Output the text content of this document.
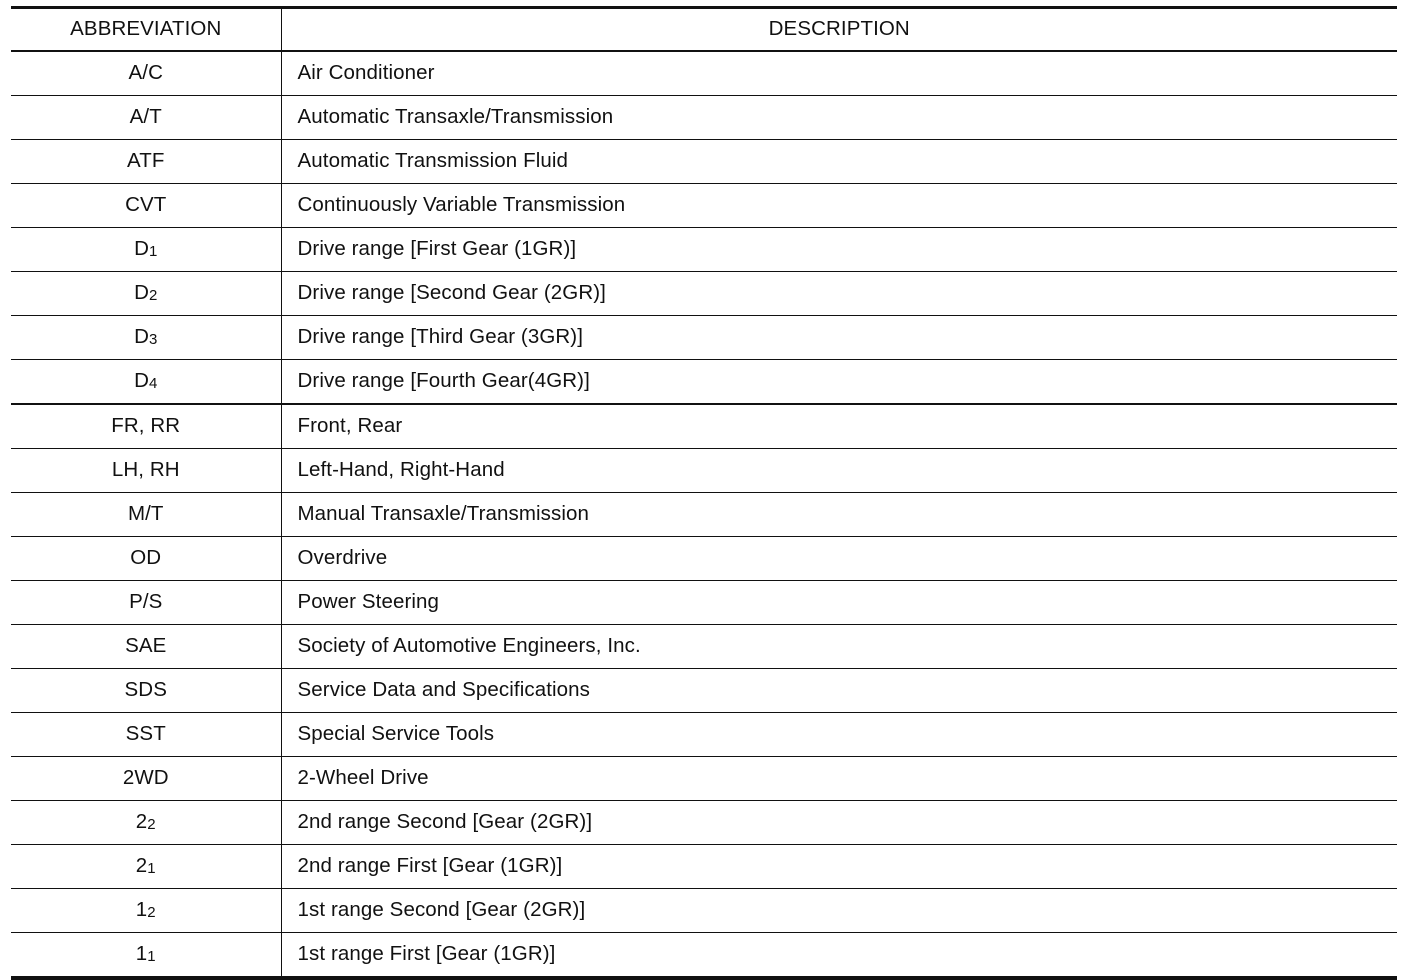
ABBREVIATION	DESCRIPTION
A/C	Air Conditioner
A/T	Automatic Transaxle/Transmission
ATF	Automatic Transmission Fluid
CVT	Continuously Variable Transmission
D1	Drive range [First Gear (1GR)]
D2	Drive range [Second Gear (2GR)]
D3	Drive range [Third Gear (3GR)]
D4	Drive range [Fourth Gear(4GR)]
FR, RR	Front, Rear
LH, RH	Left-Hand, Right-Hand
M/T	Manual Transaxle/Transmission
OD	Overdrive
P/S	Power Steering
SAE	Society of Automotive Engineers, Inc.
SDS	Service Data and Specifications
SST	Special Service Tools
2WD	2-Wheel Drive
22	2nd range Second [Gear (2GR)]
21	2nd range First [Gear (1GR)]
12	1st range Second [Gear (2GR)]
11	1st range First [Gear (1GR)]
